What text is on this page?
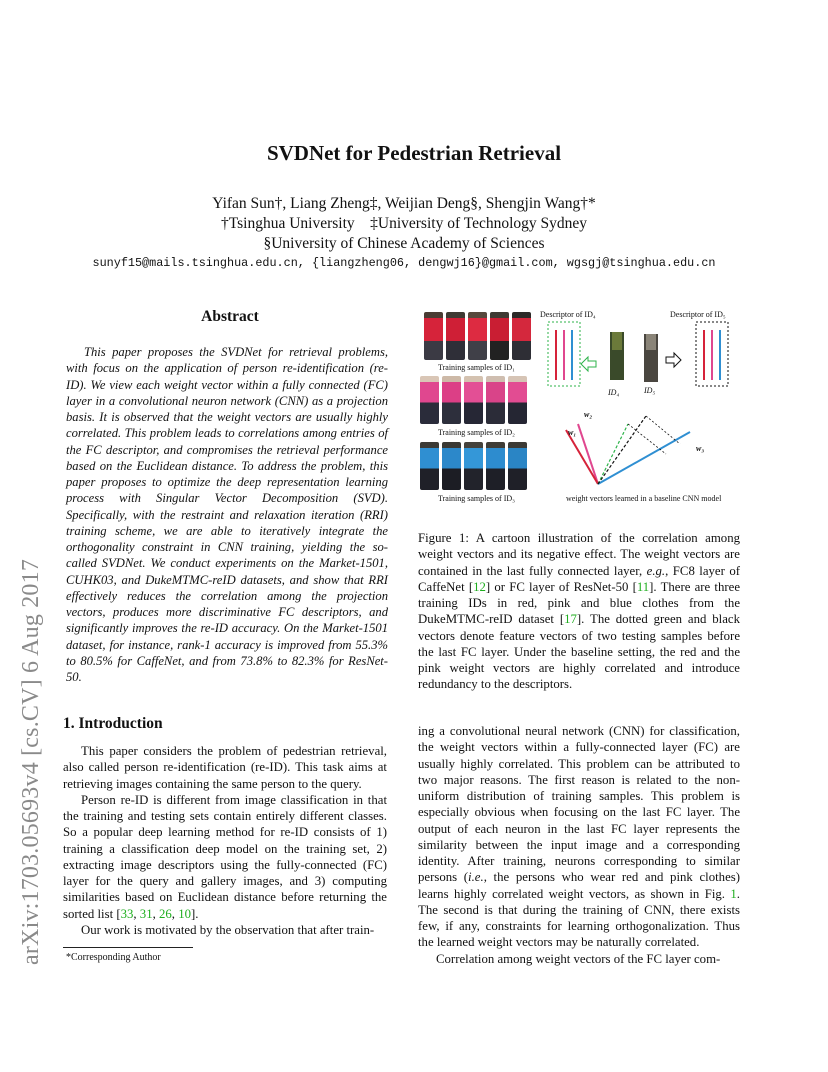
arXiv:1703.05693v4 [cs.CV] 6 Aug 2017
SVDNet for Pedestrian Retrieval
Yifan Sun†, Liang Zheng‡, Weijian Deng§, Shengjin Wang†*
†Tsinghua University    ‡University of Technology Sydney
§University of Chinese Academy of Sciences
sunyf15@mails.tsinghua.edu.cn, {liangzheng06, dengwj16}@gmail.com, wgsgj@tsinghua.edu.cn
Abstract
This paper proposes the SVDNet for retrieval problems, with focus on the application of person re-identification (re-ID). We view each weight vector within a fully connected (FC) layer in a convolutional neuron network (CNN) as a projection basis. It is observed that the weight vectors are usually highly correlated. This problem leads to correlations among entries of the FC descriptor, and compromises the retrieval performance based on the Euclidean distance. To address the problem, this paper proposes to optimize the deep representation learning process with Singular Vector Decomposition (SVD). Specifically, with the restraint and relaxation iteration (RRI) training scheme, we are able to iteratively integrate the orthogonality constraint in CNN training, yielding the so-called SVDNet. We conduct experiments on the Market-1501, CUHK03, and DukeMTMC-reID datasets, and show that RRI effectively reduces the correlation among the projection vectors, produces more discriminative FC descriptors, and significantly improves the re-ID accuracy. On the Market-1501 dataset, for instance, rank-1 accuracy is improved from 55.3% to 80.5% for CaffeNet, and from 73.8% to 82.3% for ResNet-50.
Training samples of ID₁
Training samples of ID₂
Training samples of ID₃
Descriptor of ID₄	Descriptor of ID₅
ID₄	ID₅
w₂
w₁
w₃
weight vectors learned in a baseline CNN model
Figure 1: A cartoon illustration of the correlation among weight vectors and its negative effect. The weight vectors are contained in the last fully connected layer, e.g., FC8 layer of CaffeNet [12] or FC layer of ResNet-50 [11]. There are three training IDs in red, pink and blue clothes from the DukeMTMC-reID dataset [17]. The dotted green and black vectors denote feature vectors of two testing samples before the last FC layer. Under the baseline setting, the red and the pink weight vectors are highly correlated and introduce redundancy to the descriptors.
1. Introduction

This paper considers the problem of pedestrian retrieval, also called person re-identification (re-ID). This task aims at retrieving images containing the same person to the query.

Person re-ID is different from image classification in that the training and testing sets contain entirely different classes. So a popular deep learning method for re-ID consists of 1) training a classification deep model on the training set, 2) extracting image descriptors using the fully-connected (FC) layer for the query and gallery images, and 3) computing similarities based on Euclidean distance before returning the sorted list [33, 31, 26, 10].

Our work is motivated by the observation that after train-

ing a convolutional neural network (CNN) for classification, the weight vectors within a fully-connected layer (FC) are usually highly correlated. This problem can be attributed to two major reasons. The first reason is related to the non-uniform distribution of training samples. This problem is especially obvious when focusing on the last FC layer. The output of each neuron in the last FC layer represents the similarity between the input image and a corresponding identity. After training, neurons corresponding to similar persons (i.e., the persons who wear red and pink clothes) learns highly correlated weight vectors, as shown in Fig. 1. The second is that during the training of CNN, there exists few, if any, constraints for learning orthogonalization. Thus the learned weight vectors may be naturally correlated.

Correlation among weight vectors of the FC layer com-

*Corresponding Author
